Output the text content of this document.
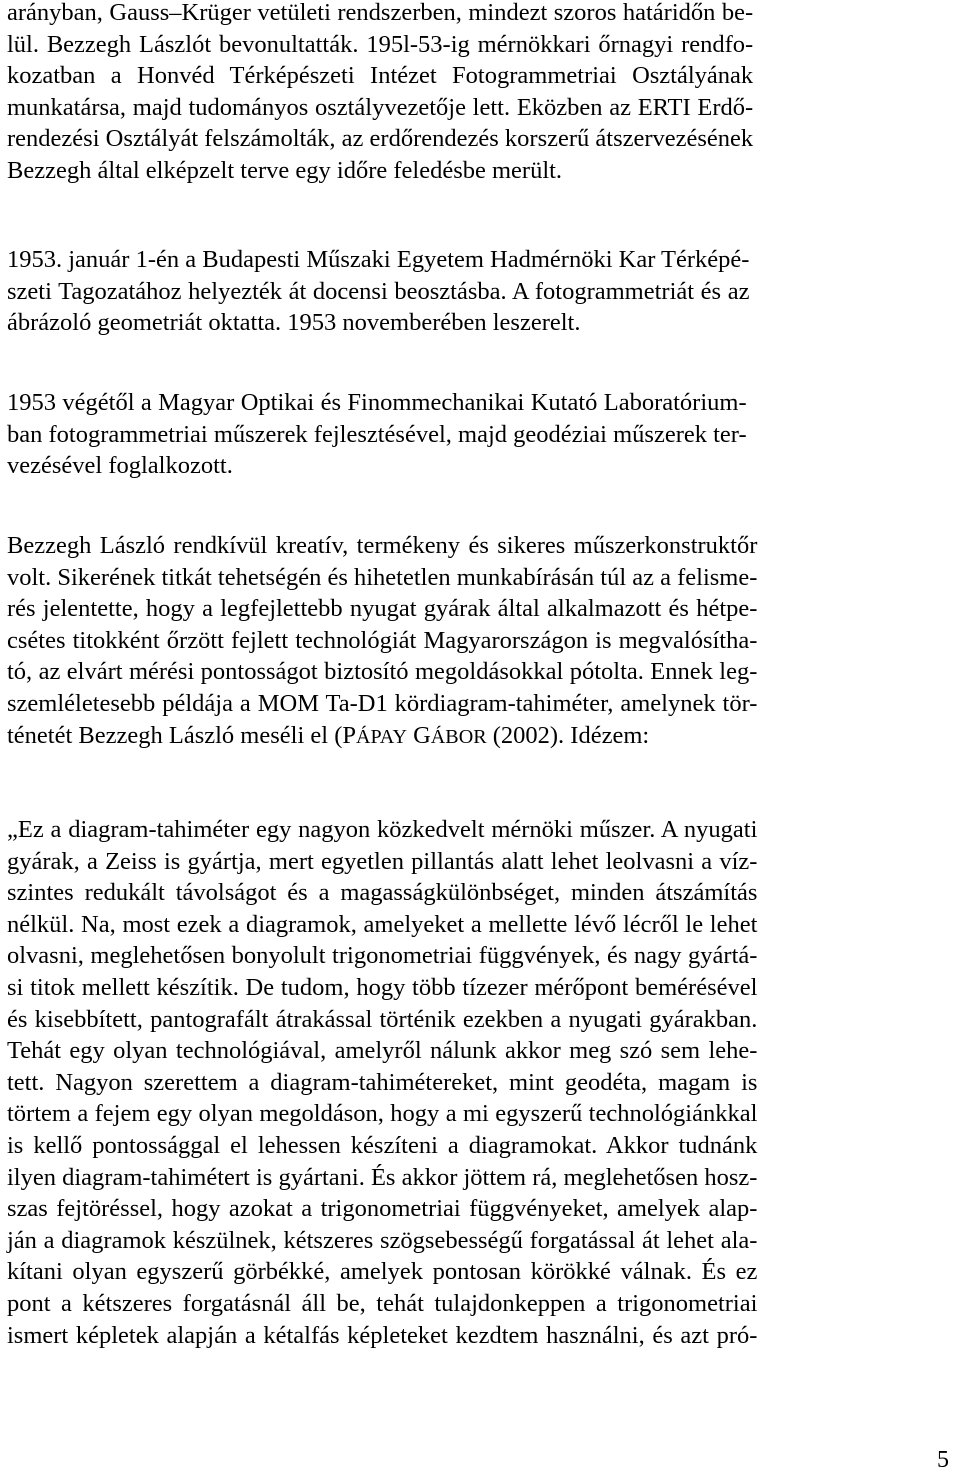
arányban, Gauss–Krüger vetületi rendszerben, mindezt szoros határidőn be-
lül. Bezzegh Lászlót bevonultatták. 195l-53-ig mérnökkari őrnagyi rendfo-
kozatban a Honvéd Térképészeti Intézet Fotogrammetriai Osztályának
munkatársa, majd tudományos osztályvezetője lett. Eközben az ERTI Erdő-
rendezési Osztályát felszámolták, az erdőrendezés korszerű átszervezésének
Bezzegh által elképzelt terve egy időre feledésbe merült.
1953. január 1-én a Budapesti Műszaki Egyetem Hadmérnöki Kar Térképé-
szeti Tagozatához helyezték át docensi beosztásba. A fotogrammetriát és az
ábrázoló geometriát oktatta. 1953 novemberében leszerelt.
1953 végétől a Magyar Optikai és Finommechanikai Kutató Laboratórium-
ban fotogrammetriai műszerek fejlesztésével, majd geodéziai műszerek ter-
vezésével foglalkozott.
Bezzegh László rendkívül kreatív, termékeny és sikeres műszerkonstruktőr
volt. Sikerének titkát tehetségén és hihetetlen munkabírásán túl az a felisme-
rés jelentette, hogy a legfejlettebb nyugat gyárak által alkalmazott és hétpe-
csétes titokként őrzött fejlett technológiát Magyarországon is megvalósítha-
tó, az elvárt mérési pontosságot biztosító megoldásokkal pótolta. Ennek leg-
szemléletesebb példája a MOM Ta-D1 kördiagram-tahiméter, amelynek tör-
ténetét Bezzegh László meséli el (PÁPAY GÁBOR (2002). Idézem:
„Ez a diagram-tahiméter egy nagyon közkedvelt mérnöki műszer. A nyugati
gyárak, a Zeiss is gyártja, mert egyetlen pillantás alatt lehet leolvasni a víz-
szintes redukált távolságot és a magasságkülönbséget, minden átszámítás
nélkül. Na, most ezek a diagramok, amelyeket a mellette lévő lécről le lehet
olvasni, meglehetősen bonyolult trigonometriai függvények, és nagy gyártá-
si titok mellett készítik. De tudom, hogy több tízezer mérőpont bemérésével
és kisebbített, pantografált átrakással történik ezekben a nyugati gyárakban.
Tehát egy olyan technológiával, amelyről nálunk akkor meg szó sem lehe-
tett. Nagyon szerettem a diagram-tahimétereket, mint geodéta, magam is
törtem a fejem egy olyan megoldáson, hogy a mi egyszerű technológiánkkal
is kellő pontossággal el lehessen készíteni a diagramokat. Akkor tudnánk
ilyen diagram-tahimétert is gyártani. És akkor jöttem rá, meglehetősen hosz-
szas fejtöréssel, hogy azokat a trigonometriai függvényeket, amelyek alap-
ján a diagramok készülnek, kétszeres szögsebességű forgatással át lehet ala-
kítani olyan egyszerű görbékké, amelyek pontosan körökké válnak. És ez
pont a kétszeres forgatásnál áll be, tehát tulajdonkeppen a trigonometriai
ismert képletek alapján a kétalfás képleteket kezdtem használni, és azt pró-
5
